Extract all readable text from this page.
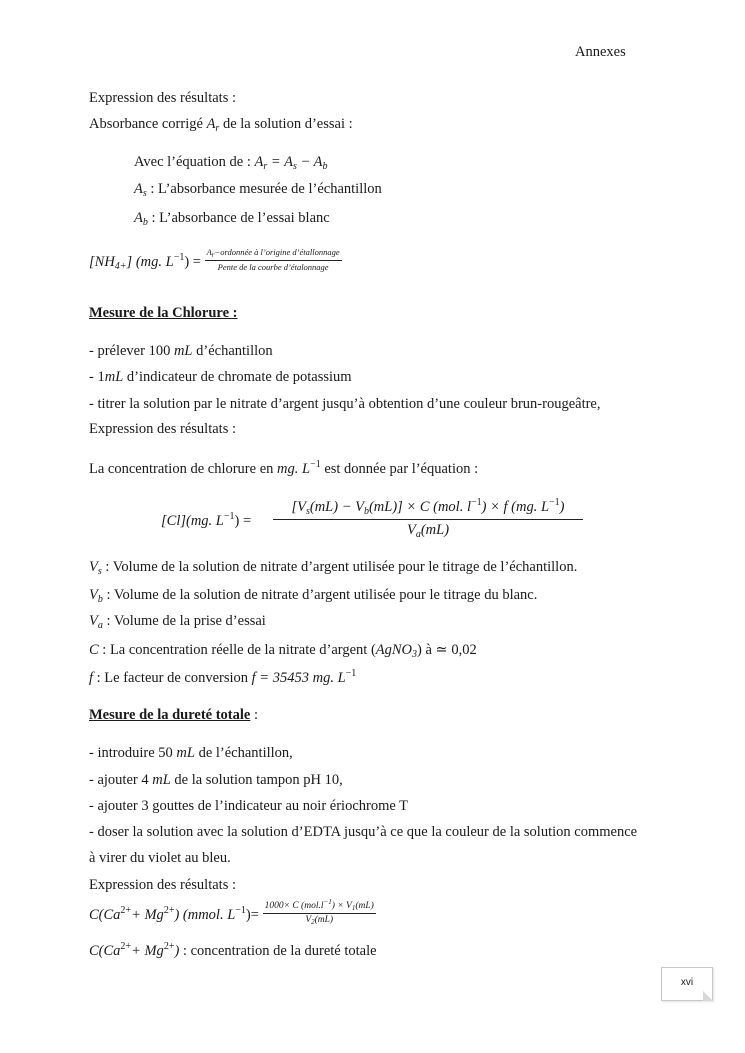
Annexes
Expression des résultats :
Absorbance corrigé $A_r$ de la solution d’essai :
Avec l’équation de : $A_r = A_s - A_b$
$A_s$ : L’absorbance mesurée de l’échantillon
$A_b$ : L’absorbance de l’essai blanc
$[NH_{4+}]$ (mg. $L^{-1}) = \frac{A_r-ordonnée à l’origine d’étallonnage}{\text{Pente de la courbe d’étalonnage}}$
Mesure de la Chlorure :
- prélever 100 mL d’échantillon
- 1mL d’indicateur de chromate de potassium
- titrer la solution par le nitrate d’argent jusqu’à obtention d’une couleur brun-rougeâtre,
Expression des résultats :
La concentration de chlorure en mg. $L^{-1}$ est donnée par l’équation :
[Cl](mg. $L^{-1}$) =
$[V_s(mL) - V_b(mL)] \times C$ (mol. $l^{-1}) \times f$ (mg. $L^{-1}$)
$V_a(mL)$
$V_s$ : Volume de la solution de nitrate d’argent utilisée pour le titrage de l’échantillon.
$V_b$ : Volume de la solution de nitrate d’argent utilisée pour le titrage du blanc.
$V_a$ : Volume de la prise d’essai
C : La concentration réelle de la nitrate d’argent (AgNO$_3$) à ≃ 0,02
f : Le facteur de conversion f = 35453 mg. $L^{-1}$
Mesure de la dureté totale :
- introduire 50 mL de l’échantillon,
- ajouter 4 mL de la solution tampon pH 10,
- ajouter 3 gouttes de l’indicateur au noir ériochrome T
- doser la solution avec la solution d’EDTA jusqu’à ce que la couleur de la solution commence
à virer du violet au bleu.
Expression des résultats :
$C(Ca^{2+}+ Mg^{2+})$ (mmol. $L^{-1})= \frac{1000\times C (mol.l^{-1}) \times V_1(mL)}{V_2(mL)}$
$C(Ca^{2+}+ Mg^{2+})$ : concentration de la dureté totale
xvi
